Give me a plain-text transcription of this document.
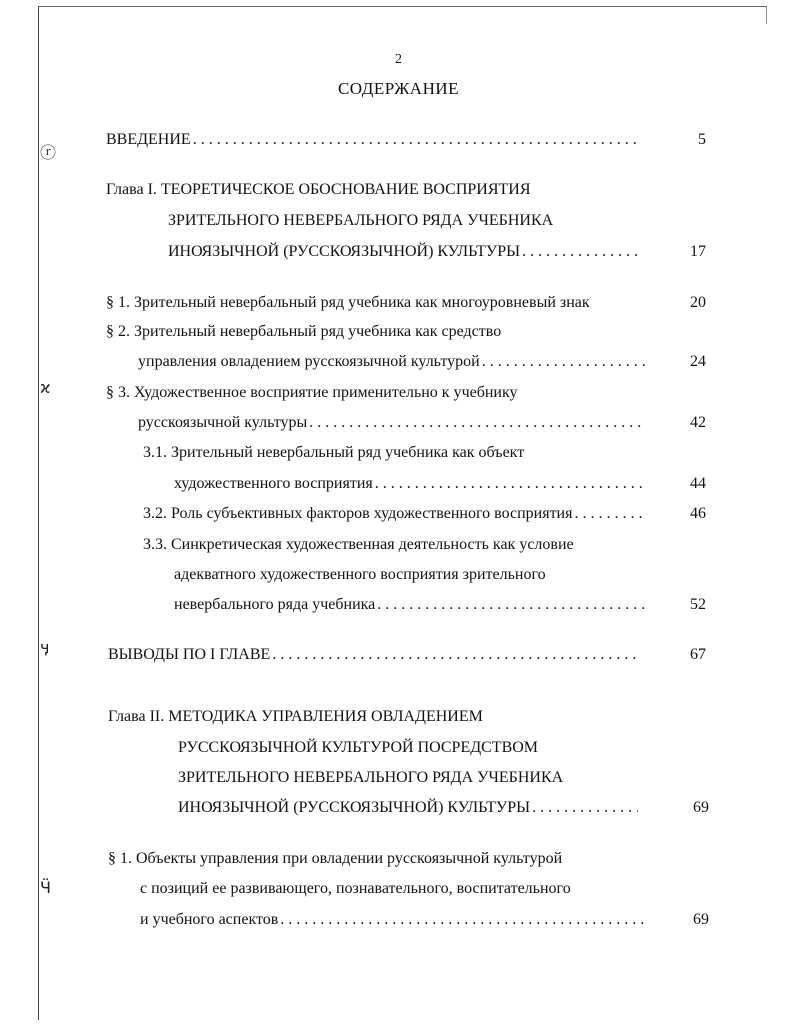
2
СОДЕРЖАНИЕ
ⓡ
ϰ
ӌ
Ӵ
ВВЕДЕНИЕ . . .	5
Глава I. ТЕОРЕТИЧЕСКОЕ ОБОСНОВАНИЕ ВОСПРИЯТИЯ
ЗРИТЕЛЬНОГО НЕВЕРБАЛЬНОГО РЯДА УЧЕБНИКА
ИНОЯЗЫЧНОЙ (РУССКОЯЗЫЧНОЙ) КУЛЬТУРЫ . . .	17
§ 1. Зрительный невербальный ряд учебника как многоуровневый знак	20
§ 2. Зрительный невербальный ряд учебника как средство
управления овладением русскоязычной культурой . . .	24
§ 3. Художественное восприятие применительно к учебнику
русскоязычной культуры . . .	42
3.1. Зрительный невербальный ряд учебника как объект
художественного восприятия . . .	44
3.2. Роль субъективных факторов художественного восприятия . . .	46
3.3. Синкретическая художественная деятельность как условие
адекватного художественного восприятия зрительного
невербального ряда учебника . . .	52
ВЫВОДЫ ПО I ГЛАВЕ . . .	67
Глава II. МЕТОДИКА УПРАВЛЕНИЯ ОВЛАДЕНИЕМ
РУССКОЯЗЫЧНОЙ КУЛЬТУРОЙ ПОСРЕДСТВОМ
ЗРИТЕЛЬНОГО НЕВЕРБАЛЬНОГО РЯДА УЧЕБНИКА
ИНОЯЗЫЧНОЙ (РУССКОЯЗЫЧНОЙ) КУЛЬТУРЫ . . .	69
§ 1. Объекты управления при овладении русскоязычной культурой
с позиций ее развивающего, познавательного, воспитательного
и учебного аспектов . . .	69
